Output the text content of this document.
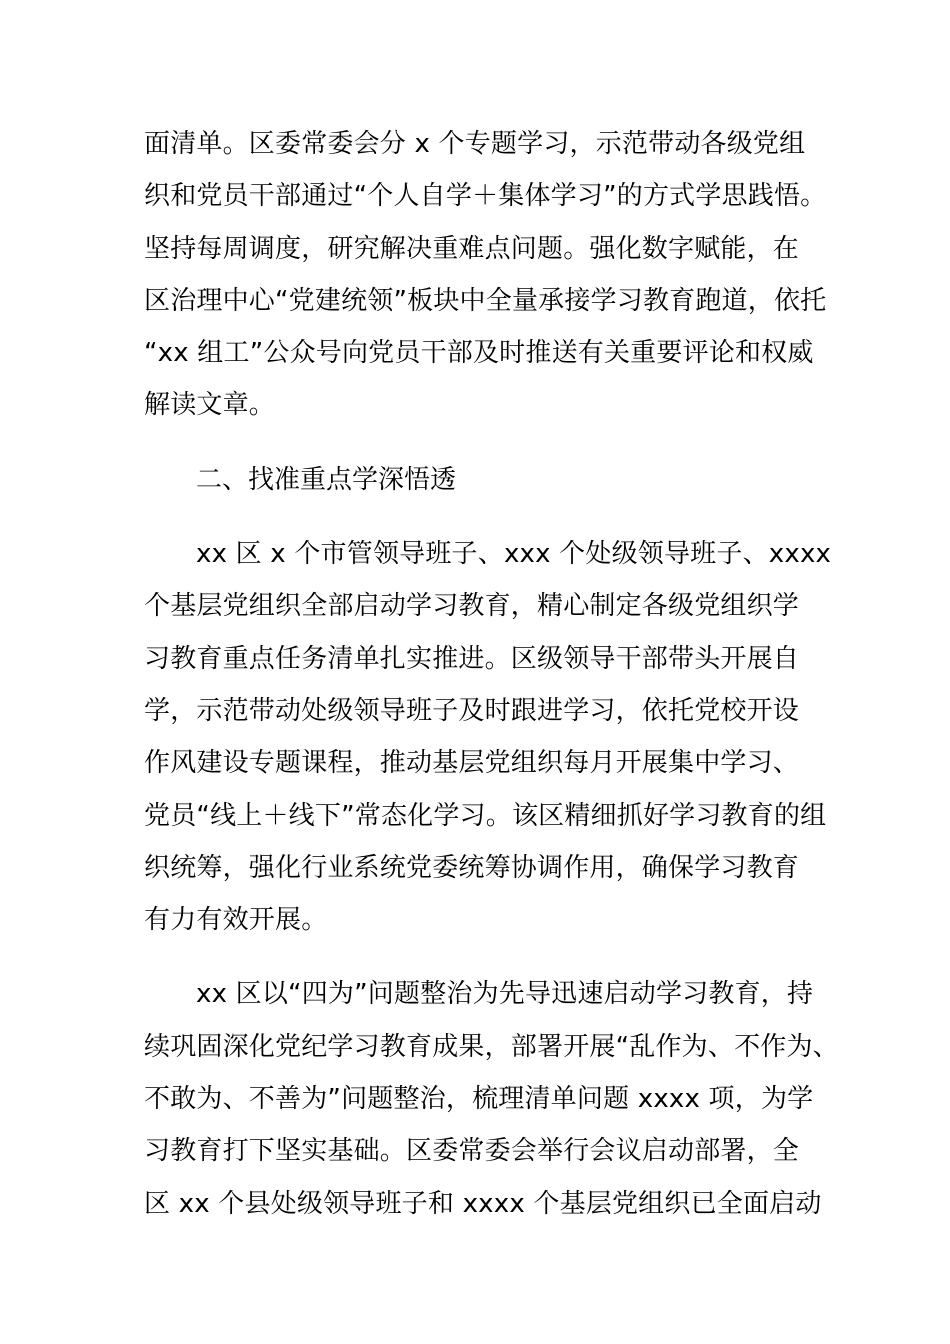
面清单。区委常委会分 x 个专题学习，示范带动各级党组
织和党员干部通过“个人自学＋集体学习”的方式学思践悟。
坚持每周调度，研究解决重难点问题。强化数字赋能，在
区治理中心“党建统领”板块中全量承接学习教育跑道，依托
“xx 组工”公众号向党员干部及时推送有关重要评论和权威
解读文章。

二、找准重点学深悟透

xx 区 x 个市管领导班子、xxx 个处级领导班子、xxxx
个基层党组织全部启动学习教育，精心制定各级党组织学
习教育重点任务清单扎实推进。区级领导干部带头开展自
学，示范带动处级领导班子及时跟进学习，依托党校开设
作风建设专题课程，推动基层党组织每月开展集中学习、
党员“线上＋线下”常态化学习。该区精细抓好学习教育的组
织统筹，强化行业系统党委统筹协调作用，确保学习教育
有力有效开展。

xx 区以“四为”问题整治为先导迅速启动学习教育，持
续巩固深化党纪学习教育成果，部署开展“乱作为、不作为、
不敢为、不善为”问题整治，梳理清单问题 xxxx 项，为学
习教育打下坚实基础。区委常委会举行会议启动部署，全
区 xx 个县处级领导班子和 xxxx 个基层党组织已全面启动
